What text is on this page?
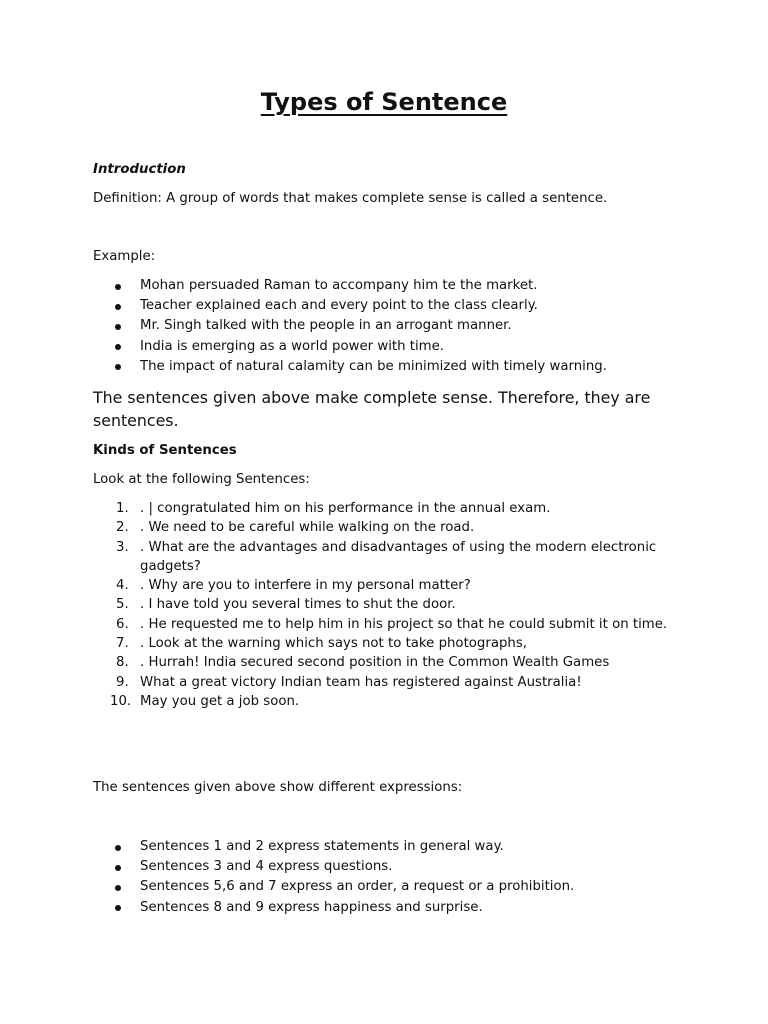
Types of Sentence

Introduction

Definition: A group of words that makes complete sense is called a sentence.

Example:

Mohan persuaded Raman to accompany him te the market.
Teacher explained each and every point to the class clearly.
Mr. Singh talked with the people in an arrogant manner.
India is emerging as a world power with time.
The impact of natural calamity can be minimized with timely warning.

The sentences given above make complete sense. Therefore, they are sentences.

Kinds of Sentences

Look at the following Sentences:

1. . | congratulated him on his performance in the annual exam.
2. . We need to be careful while walking on the road.
3. . What are the advantages and disadvantages of using the modern electronic gadgets?
4. . Why are you to interfere in my personal matter?
5. . I have told you several times to shut the door.
6. . He requested me to help him in his project so that he could submit it on time.
7. . Look at the warning which says not to take photographs,
8. . Hurrah! India secured second position in the Common Wealth Games
9. What a great victory Indian team has registered against Australia!
10. May you get a job soon.

The sentences given above show different expressions:

Sentences 1 and 2 express statements in general way.
Sentences 3 and 4 express questions.
Sentences 5,6 and 7 express an order, a request or a prohibition.
Sentences 8 and 9 express happiness and surprise.
